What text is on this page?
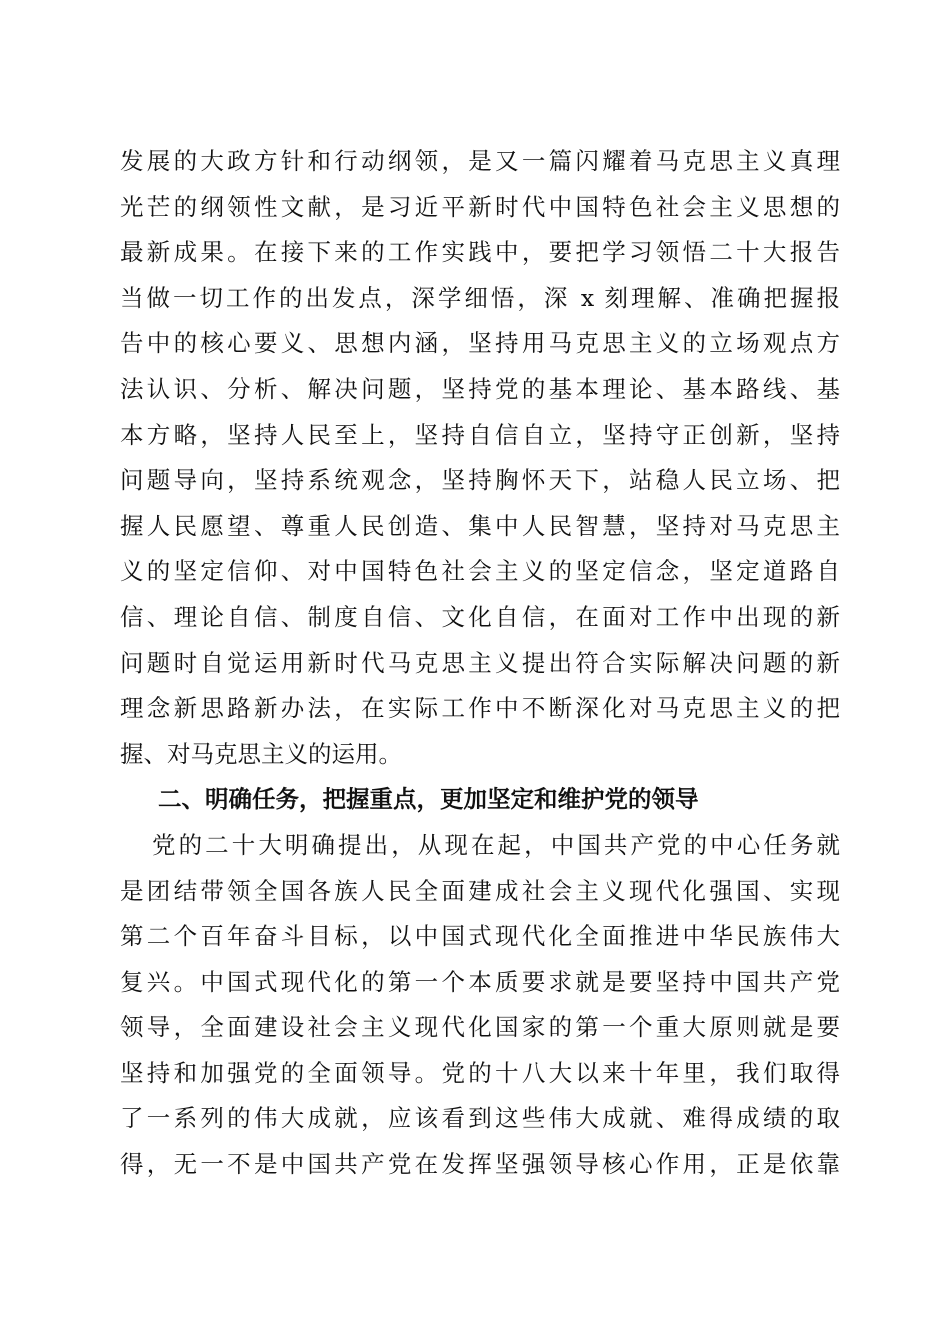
发展的大政方针和行动纲领，是又一篇闪耀着马克思主义真理
光芒的纲领性文献，是习近平新时代中国特色社会主义思想的
最新成果。在接下来的工作实践中，要把学习领悟二十大报告
当做一切工作的出发点，深学细悟，深 x 刻理解、准确把握报
告中的核心要义、思想内涵，坚持用马克思主义的立场观点方
法认识、分析、解决问题，坚持党的基本理论、基本路线、基
本方略，坚持人民至上，坚持自信自立，坚持守正创新，坚持
问题导向，坚持系统观念，坚持胸怀天下，站稳人民立场、把
握人民愿望、尊重人民创造、集中人民智慧，坚持对马克思主
义的坚定信仰、对中国特色社会主义的坚定信念，坚定道路自
信、理论自信、制度自信、文化自信，在面对工作中出现的新
问题时自觉运用新时代马克思主义提出符合实际解决问题的新
理念新思路新办法，在实际工作中不断深化对马克思主义的把
握、对马克思主义的运用。
二、明确任务，把握重点，更加坚定和维护党的领导
党的二十大明确提出，从现在起，中国共产党的中心任务就
是团结带领全国各族人民全面建成社会主义现代化强国、实现
第二个百年奋斗目标，以中国式现代化全面推进中华民族伟大
复兴。中国式现代化的第一个本质要求就是要坚持中国共产党
领导，全面建设社会主义现代化国家的第一个重大原则就是要
坚持和加强党的全面领导。党的十八大以来十年里，我们取得
了一系列的伟大成就，应该看到这些伟大成就、难得成绩的取
得，无一不是中国共产党在发挥坚强领导核心作用，正是依靠
